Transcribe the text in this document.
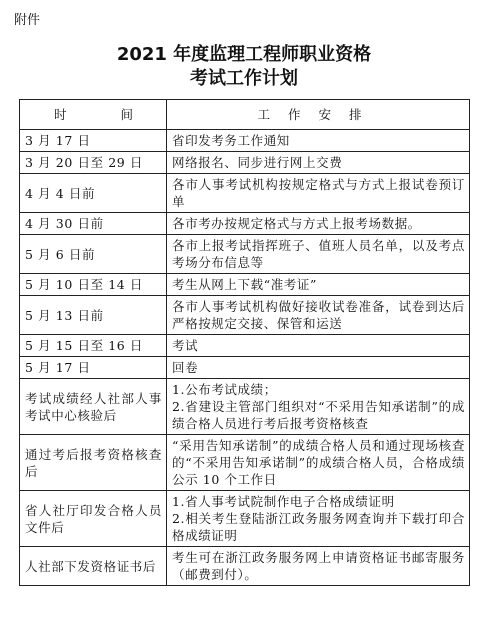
附件
2021 年度监理工程师职业资格
考试工作计划
时 间	工作安排
3 月 17 日	省印发考务工作通知
3 月 20 日至 29 日	网络报名、同步进行网上交费
4 月 4 日前	各市人事考试机构按规定格式与方式上报试卷预订单
4 月 30 日前	各市考办按规定格式与方式上报考场数据。
5 月 6 日前	各市上报考试指挥班子、值班人员名单，以及考点考场分布信息等
5 月 10 日至 14 日	考生从网上下载“准考证”
5 月 13 日前	各市人事考试机构做好接收试卷准备，试卷到达后严格按规定交接、保管和运送
5 月 15 日至 16 日	考试
5 月 17 日	回卷
考试成绩经人社部人事考试中心核验后	1.公布考试成绩；
2.省建设主管部门组织对“不采用告知承诺制”的成绩合格人员进行考后报考资格核查

通过考后报考资格核查后	“采用告知承诺制”的成绩合格人员和通过现场核查的“不采用告知承诺制”的成绩合格人员，合格成绩公示 10 个工作日
省人社厅印发合格人员文件后	1.省人事考试院制作电子合格成绩证明
2.相关考生登陆浙江政务服务网查询并下载打印合格成绩证明

人社部下发资格证书后	考生可在浙江政务服务网上申请资格证书邮寄服务（邮费到付）。
